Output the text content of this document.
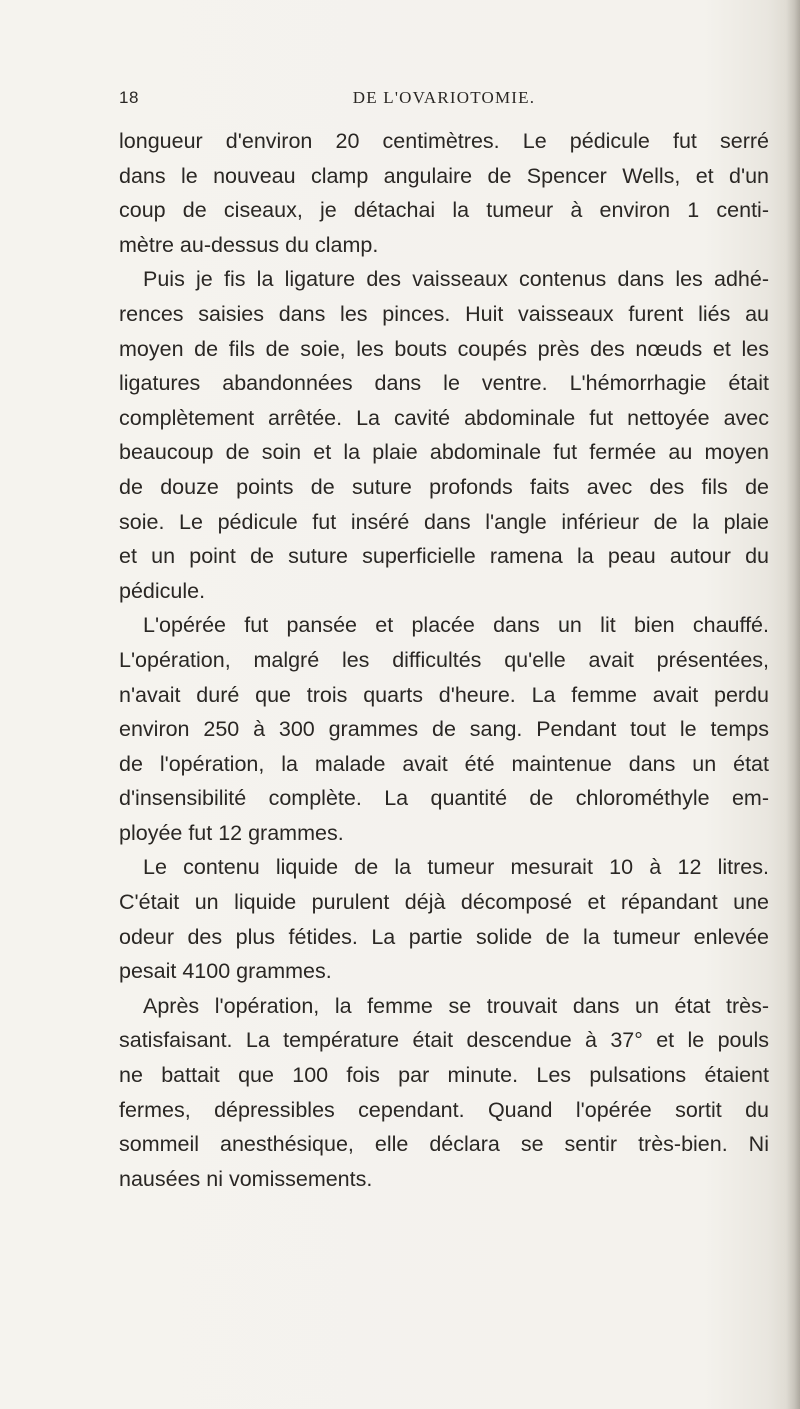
18	DE L'OVARIOTOMIE.
longueur d'environ 20 centimètres. Le pédicule fut serré
dans le nouveau clamp angulaire de Spencer Wells, et d'un
coup de ciseaux, je détachai la tumeur à environ 1 centi-
mètre au-dessus du clamp.
Puis je fis la ligature des vaisseaux contenus dans les adhé-
rences saisies dans les pinces. Huit vaisseaux furent liés au
moyen de fils de soie, les bouts coupés près des nœuds et les
ligatures abandonnées dans le ventre. L'hémorrhagie était
complètement arrêtée. La cavité abdominale fut nettoyée avec
beaucoup de soin et la plaie abdominale fut fermée au moyen
de douze points de suture profonds faits avec des fils de
soie. Le pédicule fut inséré dans l'angle inférieur de la plaie
et un point de suture superficielle ramena la peau autour du
pédicule.
L'opérée fut pansée et placée dans un lit bien chauffé.
L'opération, malgré les difficultés qu'elle avait présentées,
n'avait duré que trois quarts d'heure. La femme avait perdu
environ 250 à 300 grammes de sang. Pendant tout le temps
de l'opération, la malade avait été maintenue dans un état
d'insensibilité complète. La quantité de chlorométhyle em-
ployée fut 12 grammes.
Le contenu liquide de la tumeur mesurait 10 à 12 litres.
C'était un liquide purulent déjà décomposé et répandant une
odeur des plus fétides. La partie solide de la tumeur enlevée
pesait 4100 grammes.
Après l'opération, la femme se trouvait dans un état très-
satisfaisant. La température était descendue à 37° et le pouls
ne battait que 100 fois par minute. Les pulsations étaient
fermes, dépressibles cependant. Quand l'opérée sortit du
sommeil anesthésique, elle déclara se sentir très-bien. Ni
nausées ni vomissements.
